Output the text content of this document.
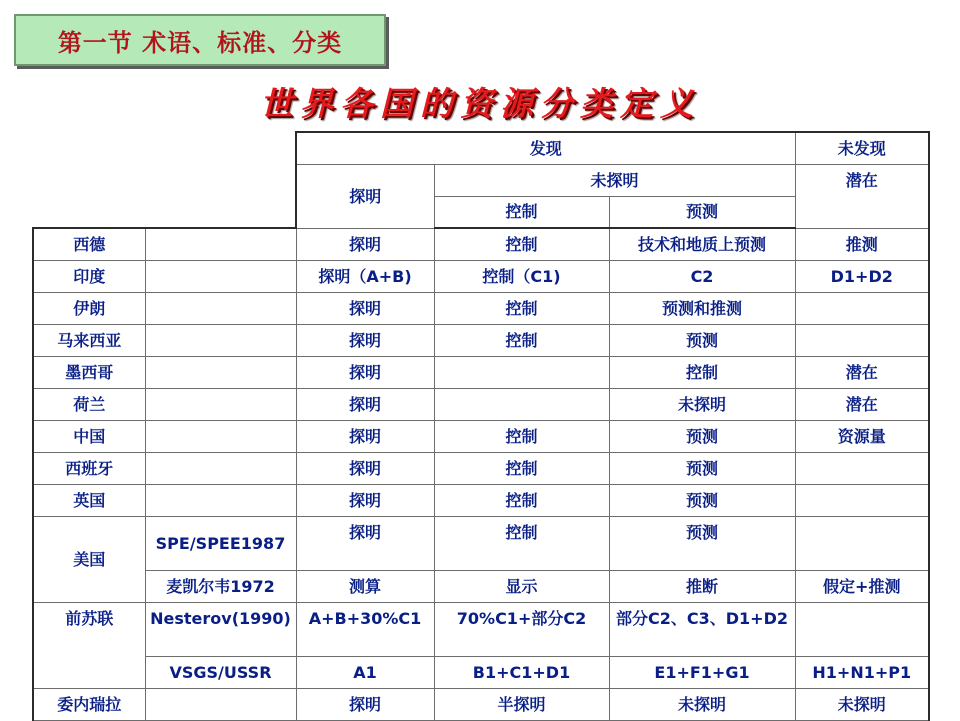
第一节 术语、标准、分类
世界各国的资源分类定义
		发现			未发现
		探明	未探明		潜在
			控制	预测	
西德		探明	控制	技术和地质上预测	推测
印度		探明（A+B)	控制（C1)	C2	D1+D2
伊朗		探明	控制	预测和推测	
马来西亚		探明	控制	预测	
墨西哥		探明		控制	潜在
荷兰		探明		未探明	潜在
中国		探明	控制	预测	资源量
西班牙		探明	控制	预测	
英国		探明	控制	预测	
美国	SPE/SPEE1987	探明	控制	预测	
	麦凯尔韦1972	测算	显示	推断	假定+推测
前苏联	Nesterov(1990)	A+B+30%C1	70%C1+部分C2	部分C2、C3、D1+D2	
	VSGS/USSR	A1	B1+C1+D1	E1+F1+G1	H1+N1+P1
委内瑞拉		探明	半探明	未探明	未探明
